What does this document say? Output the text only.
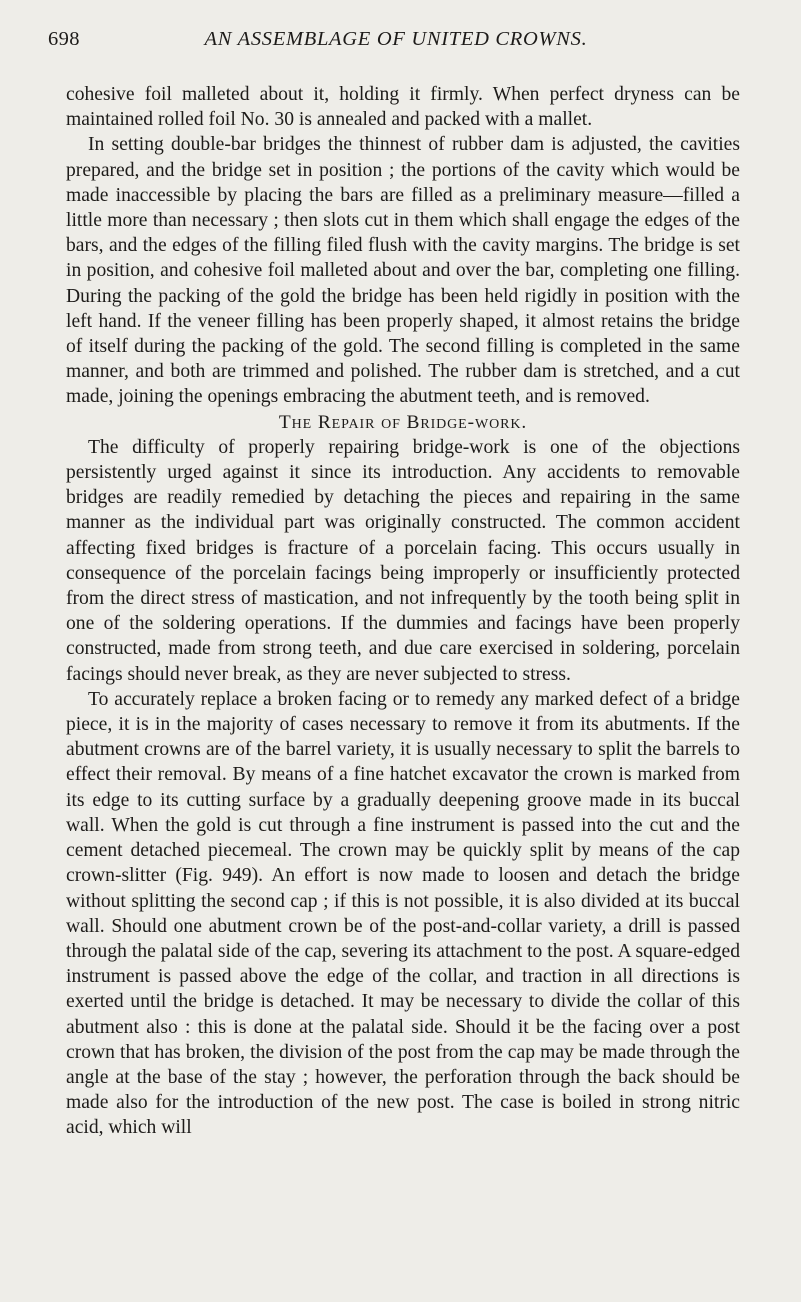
698	AN ASSEMBLAGE OF UNITED CROWNS.

cohesive foil malleted about it, holding it firmly. When perfect dryness can be maintained rolled foil No. 30 is annealed and packed with a mallet.

In setting double-bar bridges the thinnest of rubber dam is adjusted, the cavities prepared, and the bridge set in position ; the portions of the cavity which would be made inaccessible by placing the bars are filled as a preliminary measure—filled a little more than necessary ; then slots cut in them which shall engage the edges of the bars, and the edges of the filling filed flush with the cavity margins. The bridge is set in position, and cohesive foil malleted about and over the bar, completing one filling. During the packing of the gold the bridge has been held rigidly in position with the left hand. If the veneer filling has been properly shaped, it almost retains the bridge of itself during the packing of the gold. The second filling is completed in the same manner, and both are trimmed and polished. The rubber dam is stretched, and a cut made, joining the openings embracing the abutment teeth, and is removed.

The Repair of Bridge-work.

The difficulty of properly repairing bridge-work is one of the objections persistently urged against it since its introduction. Any accidents to removable bridges are readily remedied by detaching the pieces and repairing in the same manner as the individual part was originally constructed. The common accident affecting fixed bridges is fracture of a porcelain facing. This occurs usually in consequence of the porcelain facings being improperly or insufficiently protected from the direct stress of mastication, and not infrequently by the tooth being split in one of the soldering operations. If the dummies and facings have been properly constructed, made from strong teeth, and due care exercised in soldering, porcelain facings should never break, as they are never subjected to stress.

To accurately replace a broken facing or to remedy any marked defect of a bridge piece, it is in the majority of cases necessary to remove it from its abutments. If the abutment crowns are of the barrel variety, it is usually necessary to split the barrels to effect their removal. By means of a fine hatchet excavator the crown is marked from its edge to its cutting surface by a gradually deepening groove made in its buccal wall. When the gold is cut through a fine instrument is passed into the cut and the cement detached piecemeal. The crown may be quickly split by means of the cap crown-slitter (Fig. 949). An effort is now made to loosen and detach the bridge without splitting the second cap ; if this is not possible, it is also divided at its buccal wall. Should one abutment crown be of the post-and-collar variety, a drill is passed through the palatal side of the cap, severing its attachment to the post. A square-edged instrument is passed above the edge of the collar, and traction in all directions is exerted until the bridge is detached. It may be necessary to divide the collar of this abutment also : this is done at the palatal side. Should it be the facing over a post crown that has broken, the division of the post from the cap may be made through the angle at the base of the stay ; however, the perforation through the back should be made also for the introduction of the new post. The case is boiled in strong nitric acid, which will
